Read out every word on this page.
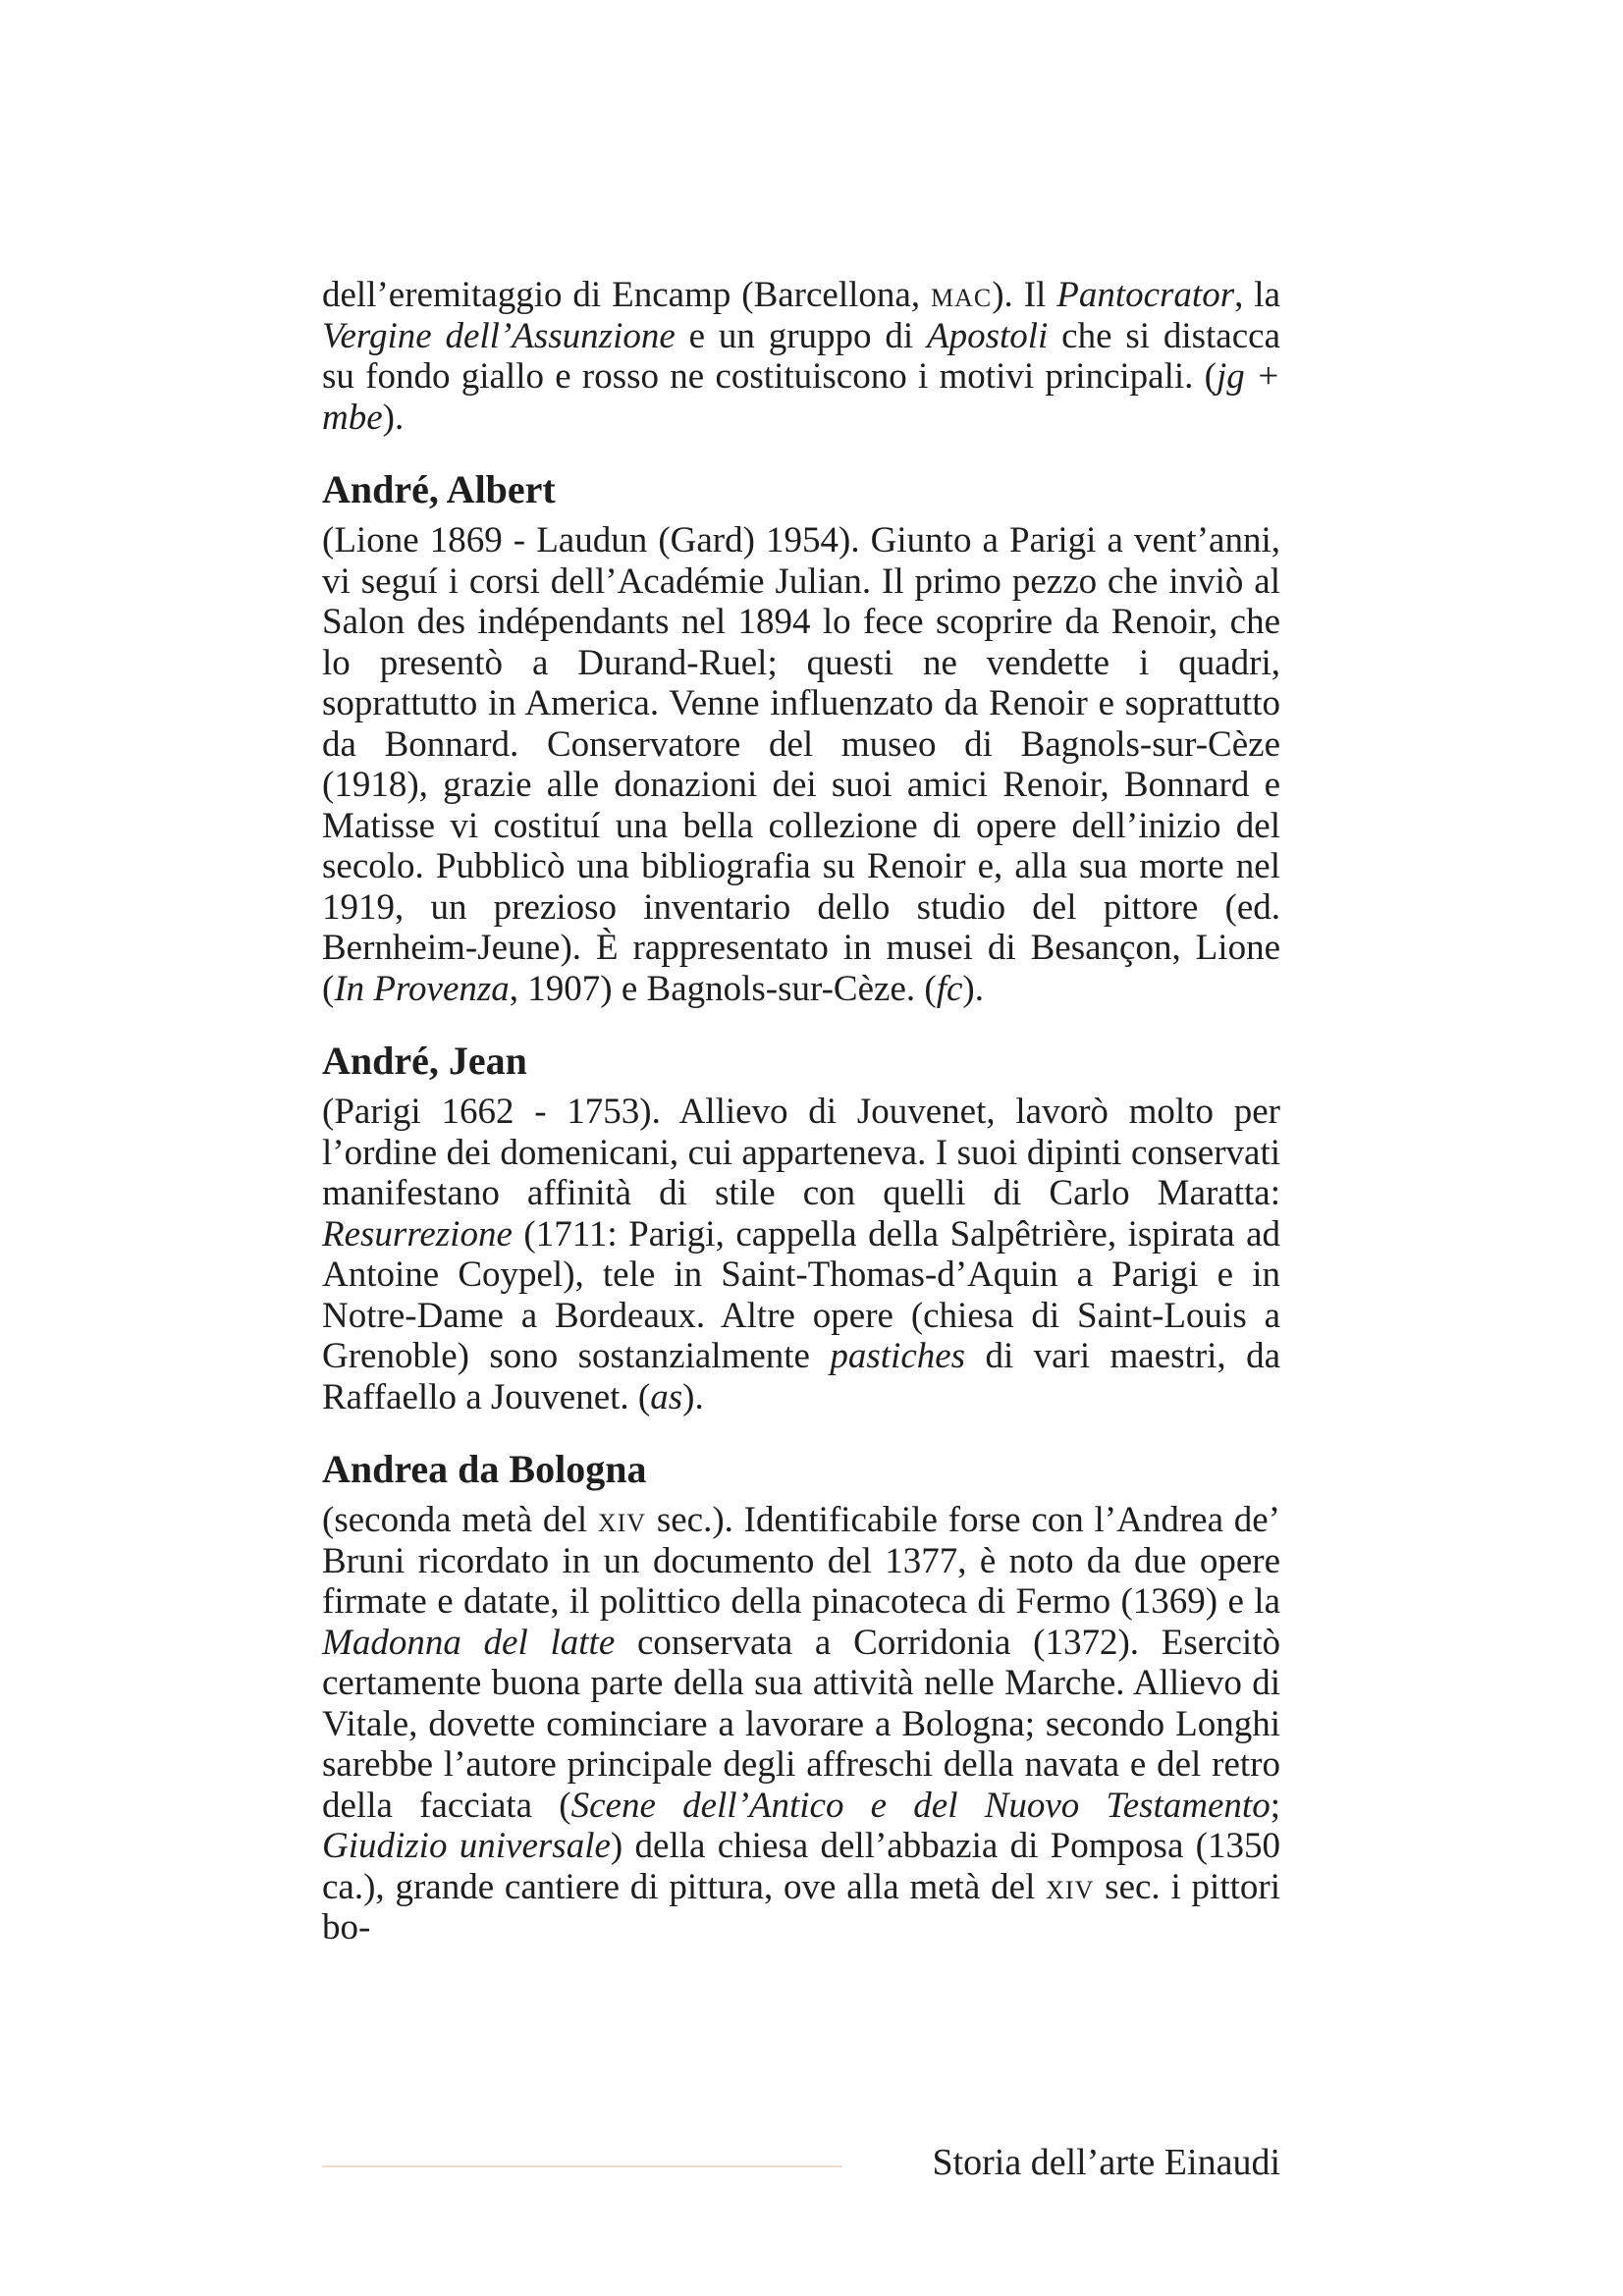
dell’eremitaggio di Encamp (Barcellona, mac). Il Pantocrator, la Vergine dell’Assunzione e un gruppo di Apostoli che si distacca su fondo giallo e rosso ne costituiscono i motivi principali. (jg + mbe).

André, Albert

(Lione 1869 - Laudun (Gard) 1954). Giunto a Parigi a vent’anni, vi seguí i corsi dell’Académie Julian. Il primo pezzo che inviò al Salon des indépendants nel 1894 lo fece scoprire da Renoir, che lo presentò a Durand-Ruel; questi ne vendette i quadri, soprattutto in America. Venne influenzato da Renoir e soprattutto da Bonnard. Conservatore del museo di Bagnols-sur-Cèze (1918), grazie alle donazioni dei suoi amici Renoir, Bonnard e Matisse vi costituí una bella collezione di opere dell’inizio del secolo. Pubblicò una bibliografia su Renoir e, alla sua morte nel 1919, un prezioso inventario dello studio del pittore (ed. Bernheim-Jeune). È rappresentato in musei di Besançon, Lione (In Provenza, 1907) e Bagnols-sur-Cèze. (fc).

André, Jean

(Parigi 1662 - 1753). Allievo di Jouvenet, lavorò molto per l’ordine dei domenicani, cui apparteneva. I suoi dipinti conservati manifestano affinità di stile con quelli di Carlo Maratta: Resurrezione (1711: Parigi, cappella della Salpêtrière, ispirata ad Antoine Coypel), tele in Saint-Thomas-d’Aquin a Parigi e in Notre-Dame a Bordeaux. Altre opere (chiesa di Saint-Louis a Grenoble) sono sostanzialmente pastiches di vari maestri, da Raffaello a Jouvenet. (as).

Andrea da Bologna

(seconda metà del xiv sec.). Identificabile forse con l’Andrea de’ Bruni ricordato in un documento del 1377, è noto da due opere firmate e datate, il polittico della pinacoteca di Fermo (1369) e la Madonna del latte conservata a Corridonia (1372). Esercitò certamente buona parte della sua attività nelle Marche. Allievo di Vitale, dovette cominciare a lavorare a Bologna; secondo Longhi sarebbe l’autore principale degli affreschi della navata e del retro della facciata (Scene dell’Antico e del Nuovo Testamento; Giudizio universale) della chiesa dell’abbazia di Pomposa (1350 ca.), grande cantiere di pittura, ove alla metà del xiv sec. i pittori bo-

Storia dell’arte Einaudi
